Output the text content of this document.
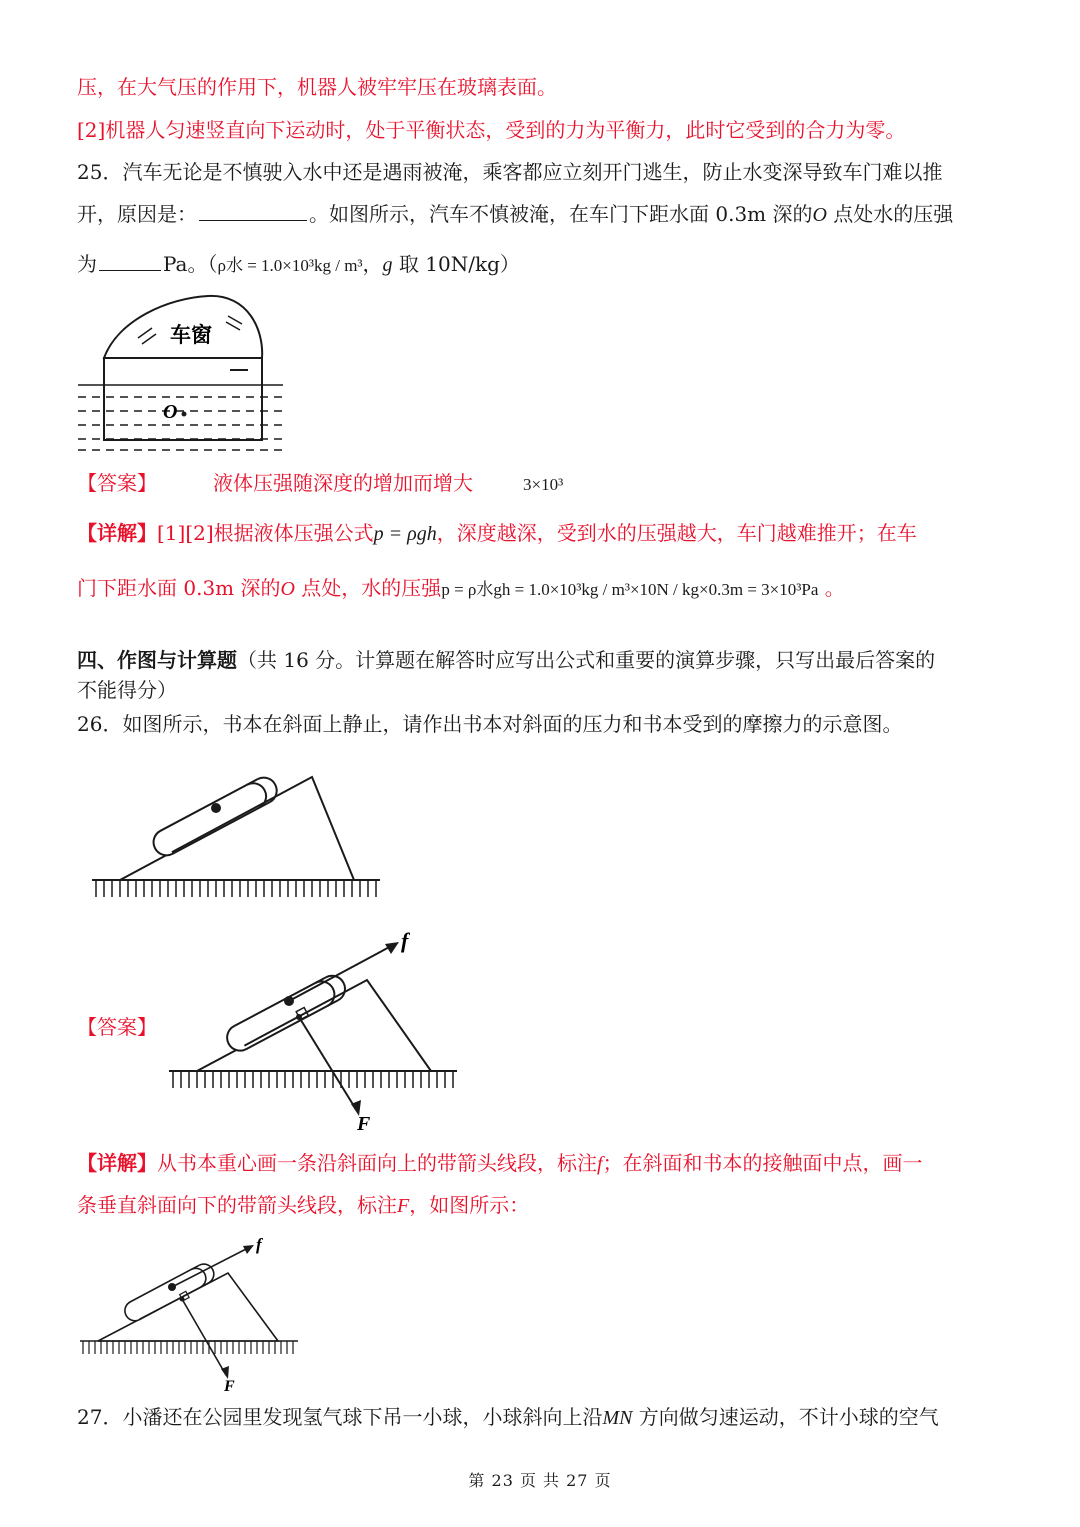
压，在大气压的作用下，机器人被牢牢压在玻璃表面。
[2]机器人匀速竖直向下运动时，处于平衡状态，受到的力为平衡力，此时它受到的合力为零。
25．汽车无论是不慎驶入水中还是遇雨被淹，乘客都应立刻开门逃生，防止水变深导致车门难以推
开，原因是：	。如图所示，汽车不慎被淹，在车门下距水面 0.3m 深的O 点处水的压强
为	Pa。（ρ水 = 1.0×10³kg / m³，g 取 10N/kg）
车窗
O
【答案】	液体压强随深度的增加而增大	3×10³
【详解】[1][2]根据液体压强公式p = ρgh，深度越深，受到水的压强越大，车门越难推开；在车
门下距水面 0.3m 深的O 点处，水的压强p = ρ水gh = 1.0×10³kg / m³×10N / kg×0.3m = 3×10³Pa 。
四、作图与计算题（共 16 分。计算题在解答时应写出公式和重要的演算步骤，只写出最后答案的
不能得分）
26．如图所示，书本在斜面上静止，请作出书本对斜面的压力和书本受到的摩擦力的示意图。
【答案】
f
F
【详解】从书本重心画一条沿斜面向上的带箭头线段，标注f；在斜面和书本的接触面中点，画一
条垂直斜面向下的带箭头线段，标注F，如图所示：
f
F
27．小潘还在公园里发现氢气球下吊一小球，小球斜向上沿MN 方向做匀速运动，不计小球的空气
第 23 页 共 27 页
